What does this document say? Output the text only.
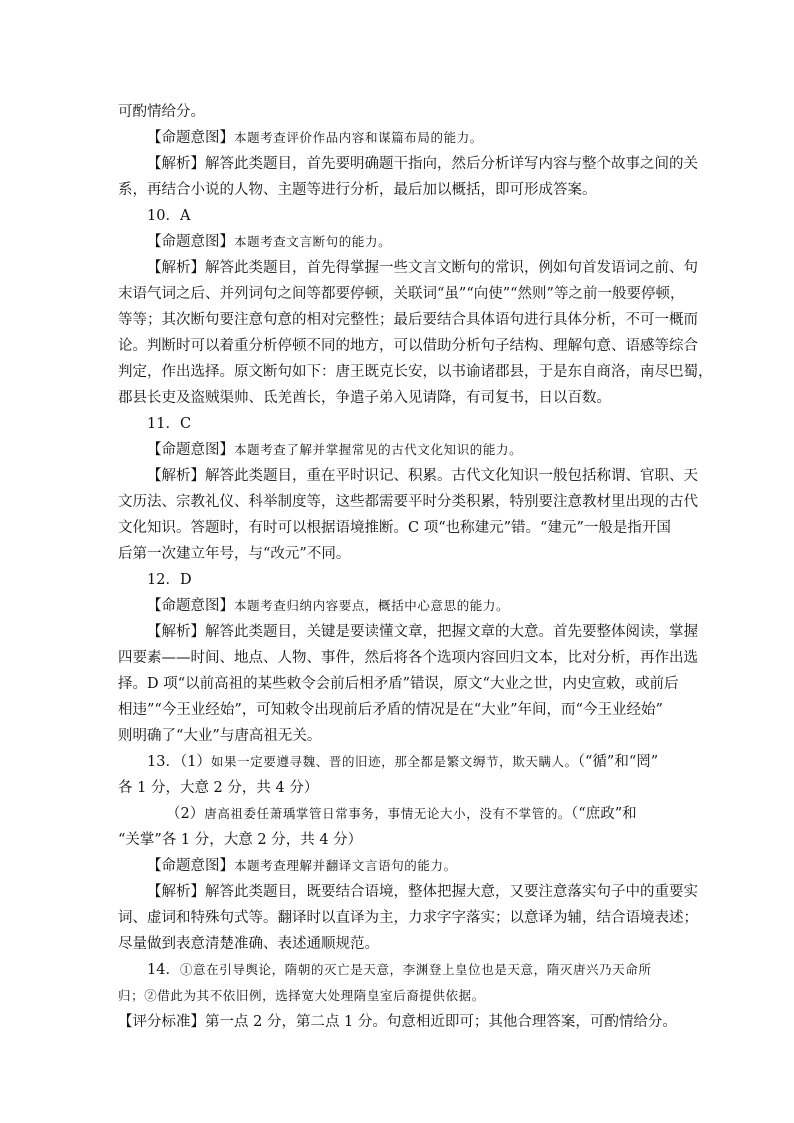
可酌情给分。
【命题意图】本题考查评价作品内容和谋篇布局的能力。
【解析】解答此类题目，首先要明确题干指向，然后分析详写内容与整个故事之间的关
系，再结合小说的人物、主题等进行分析，最后加以概括，即可形成答案。
10．A
【命题意图】本题考查文言断句的能力。
【解析】解答此类题目，首先得掌握一些文言文断句的常识，例如句首发语词之前、句
末语气词之后、并列词句之间等都要停顿，关联词“虽”“向使”“然则”等之前一般要停顿，
等等；其次断句要注意句意的相对完整性；最后要结合具体语句进行具体分析，不可一概而
论。判断时可以着重分析停顿不同的地方，可以借助分析句子结构、理解句意、语感等综合
判定，作出选择。原文断句如下：唐王既克长安，以书谕诸郡县，于是东自商洛，南尽巴蜀，
郡县长吏及盗贼渠帅、氐羌酋长，争遣子弟入见请降，有司复书，日以百数。
11．C
【命题意图】本题考查了解并掌握常见的古代文化知识的能力。
【解析】解答此类题目，重在平时识记、积累。古代文化知识一般包括称谓、官职、天
文历法、宗教礼仪、科举制度等，这些都需要平时分类积累，特别要注意教材里出现的古代
文化知识。答题时，有时可以根据语境推断。C 项“也称建元”错。“建元”一般是指开国
后第一次建立年号，与“改元”不同。
12．D
【命题意图】本题考查归纳内容要点，概括中心意思的能力。
【解析】解答此类题目，关键是要读懂文章，把握文章的大意。首先要整体阅读，掌握
四要素——时间、地点、人物、事件，然后将各个选项内容回归文本，比对分析，再作出选
择。D 项“以前高祖的某些敕令会前后相矛盾”错误，原文“大业之世，内史宣敕，或前后
相违”“今王业经始”，可知敕令出现前后矛盾的情况是在“大业”年间，而“今王业经始”
则明确了“大业”与唐高祖无关。
13．（1）如果一定要遵寻魏、晋的旧迹，那全都是繁文缛节，欺天瞒人。（“循”和“罔”
各 1 分，大意 2 分，共 4 分）
（2）唐高祖委任萧瑀掌管日常事务，事情无论大小，没有不掌管的。（“庶政”和
“关掌”各 1 分，大意 2 分，共 4 分）
【命题意图】本题考查理解并翻译文言语句的能力。
【解析】解答此类题目，既要结合语境，整体把握大意，又要注意落实句子中的重要实
词、虚词和特殊句式等。翻译时以直译为主，力求字字落实；以意译为辅，结合语境表述；
尽量做到表意清楚准确、表述通顺规范。
14．①意在引导舆论，隋朝的灭亡是天意，李渊登上皇位也是天意，隋灭唐兴乃天命所
归；②借此为其不依旧例，选择宽大处理隋皇室后裔提供依据。
【评分标准】第一点 2 分，第二点 1 分。句意相近即可；其他合理答案，可酌情给分。
